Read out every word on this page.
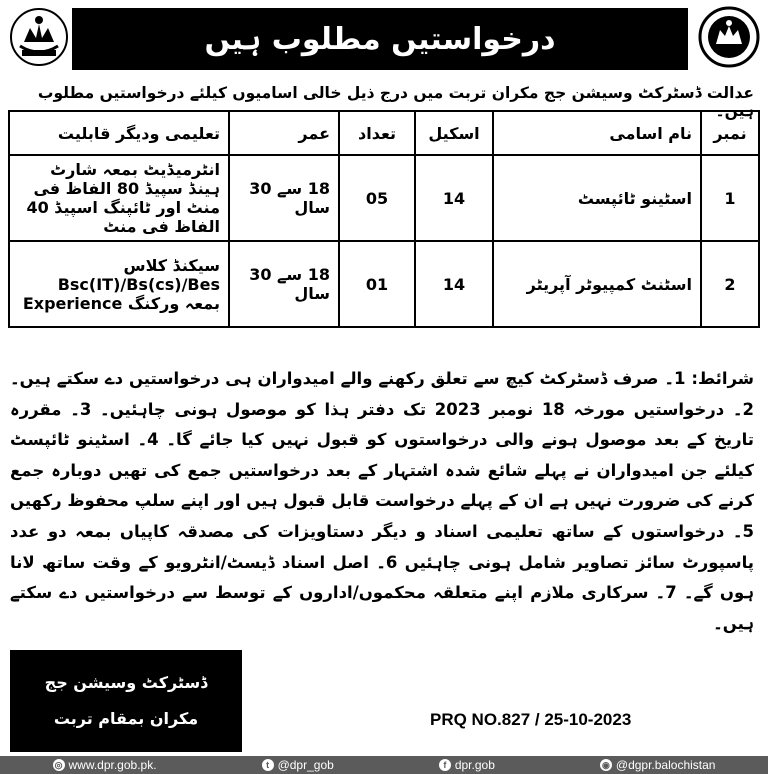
درخواستیں مطلوب ہیں
عدالت ڈسٹرکٹ وسیشن جج مکران تربت میں درج ذیل خالی اسامیوں کیلئے درخواستیں مطلوب ہیں۔
نمبر	نام اسامی	اسکیل	تعداد	عمر	تعلیمی ودیگر قابلیت
1	اسٹینو ٹائپسٹ	14	05	18 سے 30 سال	انٹرمیڈیٹ بمعہ شارٹ ہینڈ سپیڈ 80 الفاظ فی منٹ اور ٹائپنگ اسپیڈ 40 الفاظ فی منٹ
2	اسٹنٹ کمپیوٹر آپریٹر	14	01	18 سے 30 سال	سیکنڈ کلاس Bsc(IT)/Bs(cs)/Bes بمعہ ورکنگ Experience
شرائط: 1۔ صرف ڈسٹرکٹ کیچ سے تعلق رکھنے والے امیدواران ہی درخواستیں دے سکتے ہیں۔ 2۔ درخواستیں مورخہ 18 نومبر 2023 تک دفتر ہذا کو موصول ہونی چاہئیں۔ 3۔ مقررہ تاریخ کے بعد موصول ہونے والی درخواستوں کو قبول نہیں کیا جائے گا۔ 4۔ اسٹینو ٹائپسٹ کیلئے جن امیدواران نے پہلے شائع شدہ اشتہار کے بعد درخواستیں جمع کی تھیں دوبارہ جمع کرنے کی ضرورت نہیں ہے ان کے پہلے درخواست قابل قبول ہیں اور اپنے سلپ محفوظ رکھیں 5۔ درخواستوں کے ساتھ تعلیمی اسناد و دیگر دستاویزات کی مصدقہ کاپیاں بمعہ دو عدد پاسپورٹ سائز تصاویر شامل ہونی چاہئیں 6۔ اصل اسناد ڈیسٹ/انٹرویو کے وقت ساتھ لانا ہوں گے۔ 7۔ سرکاری ملازم اپنے متعلقہ محکموں/اداروں کے توسط سے درخواستیں دے سکتے ہیں۔
ڈسٹرکٹ وسیشن جج
مکران بمقام تربت	PRQ NO.827 / 25-10-2023
◎ www.dpr.gob.pk.	t @dpr_gob	f dpr.gob	◉ @dgpr.balochistan
